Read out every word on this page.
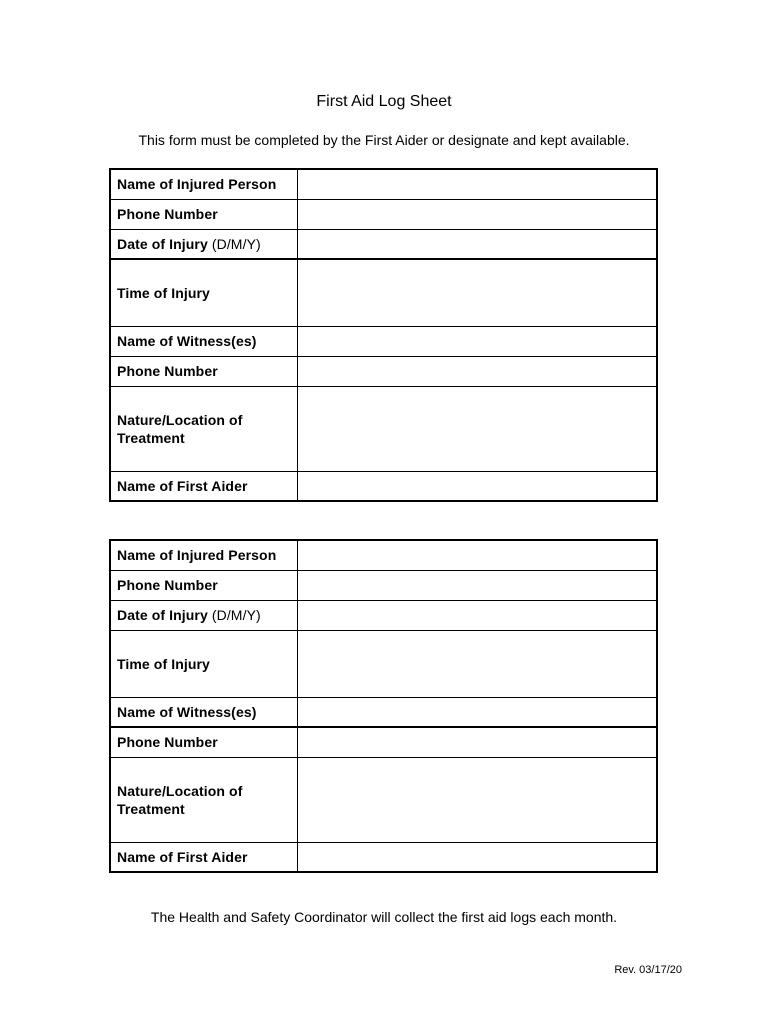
First Aid Log Sheet
This form must be completed by the First Aider or designate and kept available.
Name of Injured Person	
Phone Number	
Date of Injury (D/M/Y)	
Time of Injury	
Name of Witness(es)	
Phone Number	
Nature/Location of Treatment	
Name of First Aider	
Name of Injured Person	
Phone Number	
Date of Injury (D/M/Y)	
Time of Injury	
Name of Witness(es)	
Phone Number	
Nature/Location of Treatment	
Name of First Aider	
The Health and Safety Coordinator will collect the first aid logs each month.
Rev. 03/17/20
